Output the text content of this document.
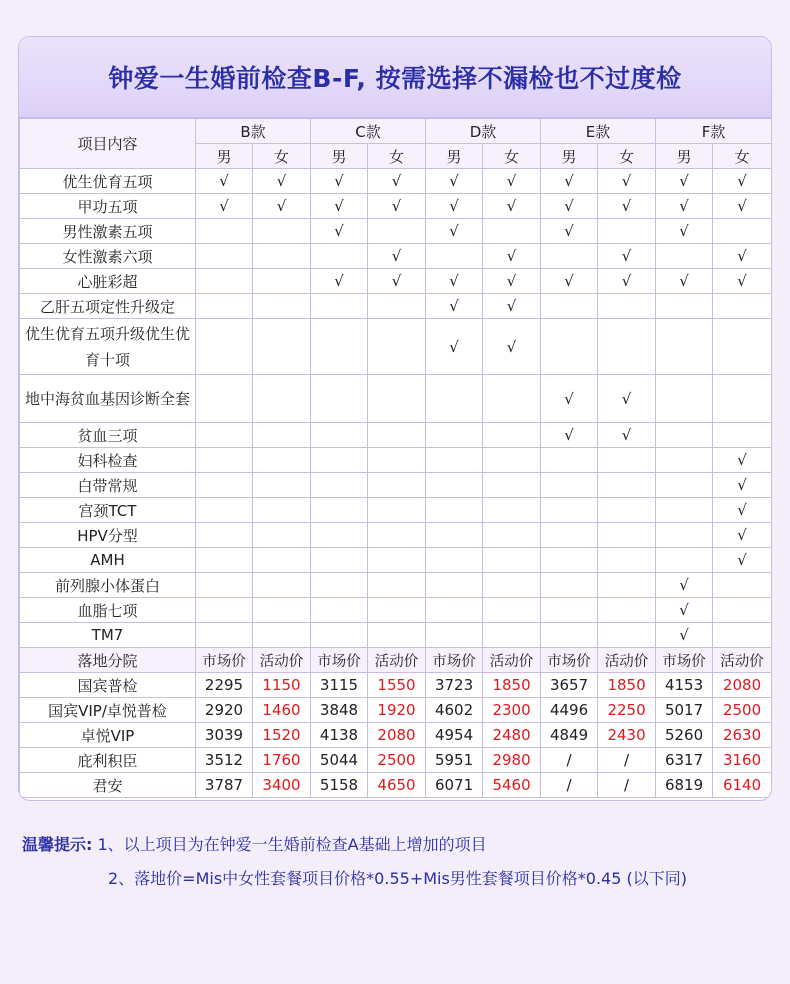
钟爱一生婚前检查B-F, 按需选择不漏检也不过度检
项目内容	B款		C款		D款		E款		F款	
	男	女	男	女	男	女	男	女	男	女
优生优育五项	√	√	√	√	√	√	√	√	√	√
甲功五项	√	√	√	√	√	√	√	√	√	√
男性激素五项			√		√		√		√	
女性激素六项				√		√		√		√
心脏彩超			√	√	√	√	√	√	√	√
乙肝五项定性升级定					√	√				
优生优育五项升级优生优育十项					√	√				
地中海贫血基因诊断全套							√	√		
贫血三项							√	√		
妇科检查										√
白带常规										√
宫颈TCT										√
HPV分型										√
AMH										√
前列腺小体蛋白									√	
血脂七项									√	
TM7									√	
落地分院	市场价	活动价	市场价	活动价	市场价	活动价	市场价	活动价	市场价	活动价
国宾普检	2295	1150	3115	1550	3723	1850	3657	1850	4153	2080
国宾VIP/卓悦普检	2920	1460	3848	1920	4602	2300	4496	2250	5017	2500
卓悦VIP	3039	1520	4138	2080	4954	2480	4849	2430	5260	2630
庇利积臣	3512	1760	5044	2500	5951	2980	/	/	6317	3160
君安	3787	3400	5158	4650	6071	5460	/	/	6819	6140
温馨提示: 1、以上项目为在钟爱一生婚前检查A基础上增加的项目
2、落地价=Mis中女性套餐项目价格*0.55+Mis男性套餐项目价格*0.45 (以下同)
